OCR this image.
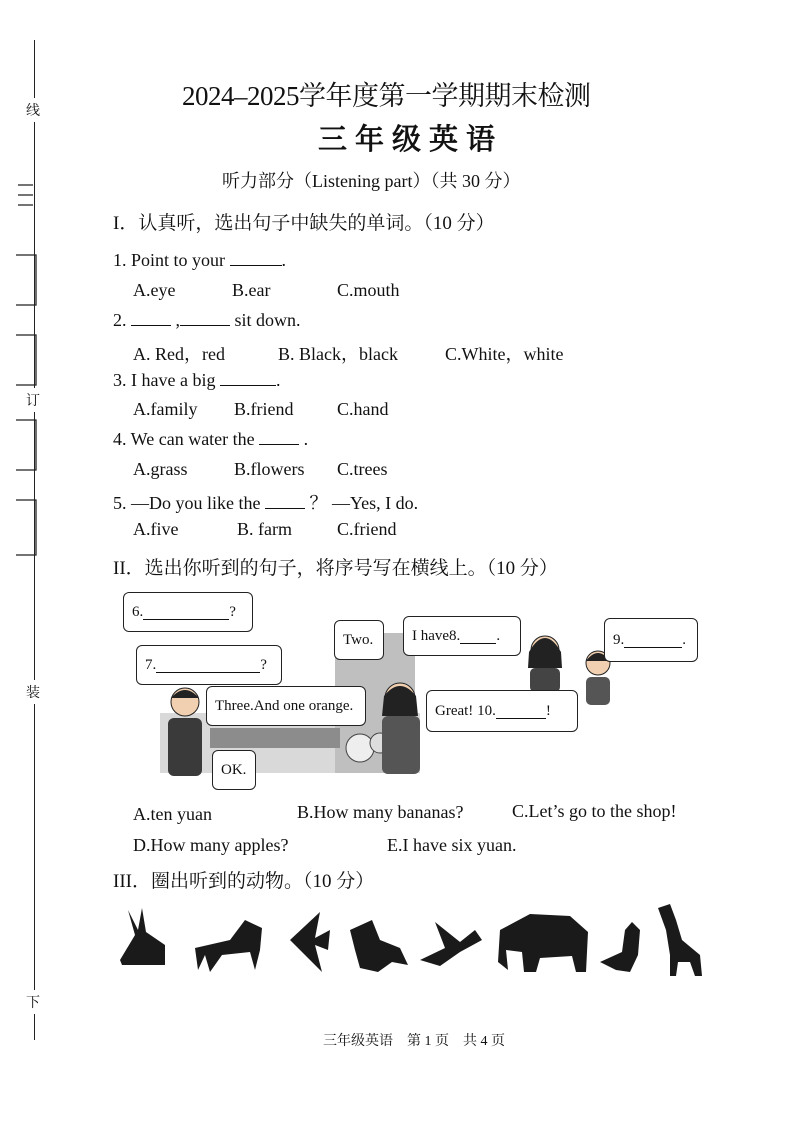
线
订
装
下
2024–2025学年度第一学期期末检测
三年级英语
听力部分（Listening part）（共 30 分）
I．认真听，选出句子中缺失的单词。（10 分）
1. Point to your	.
A.eye	B.ear	C.mouth
2.	,	sit down.
A. Red，red	B. Black，black	C.White，white
3. I have a big	.
A.family B.friend C.hand
4. We can water the	.
A.grass	B.flowers C.trees
5. —Do you like the	？ —Yes, I do.
A.five	B. farm	C.friend
II．选出你听到的句子，将序号写在横线上。（10 分）
6.	?
7.	?
Two.
Three.And one orange.
OK.
I have8. .	9.	.
Great!
10.	!
A.ten yuan	B.How many bananas?	C.Let’s go to the shop!
D.How many apples?	E.I have six yuan.
III．圈出听到的动物。（10 分）
三年级英语　第 1 页　共 4 页
